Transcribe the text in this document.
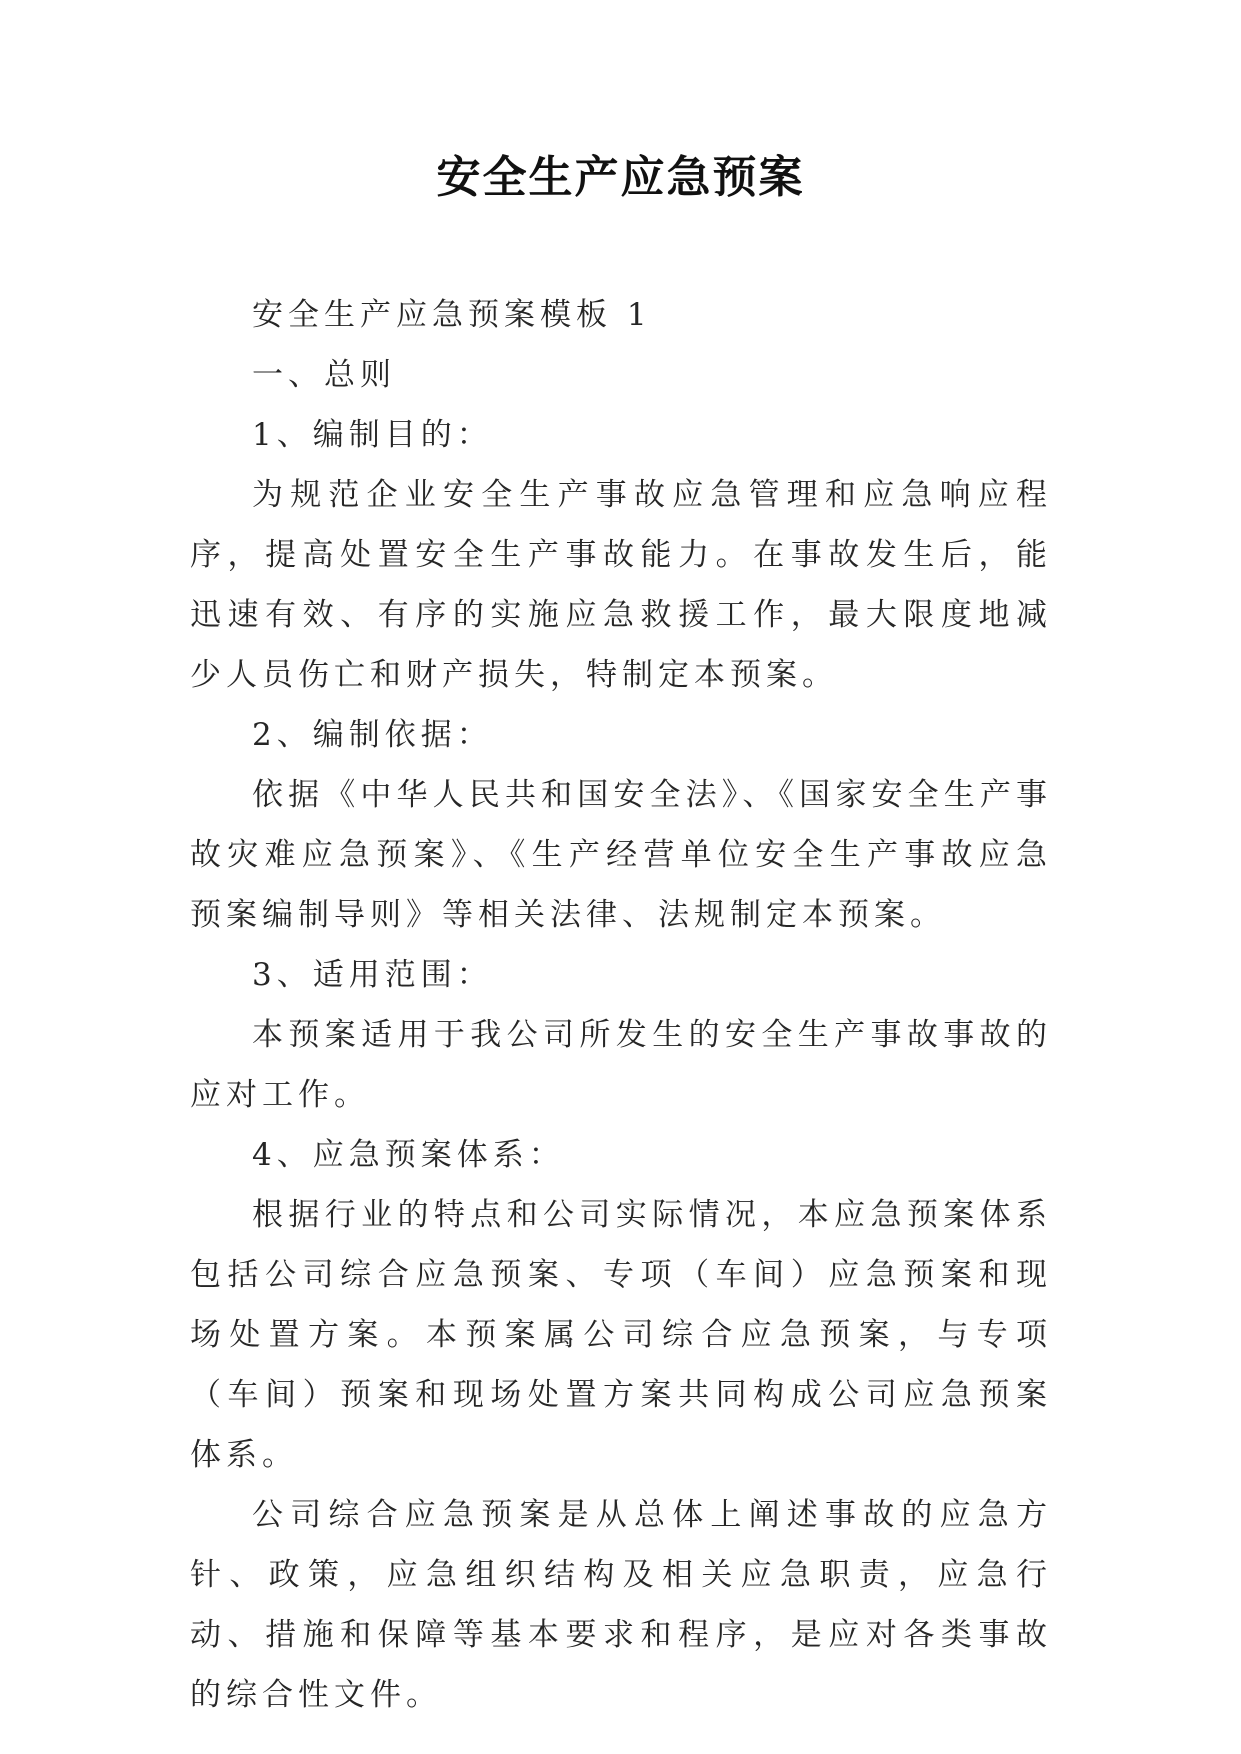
安全生产应急预案

安全生产应急预案模板 1

一、总则

1、编制目的：

为规范企业安全生产事故应急管理和应急响应程序，提高处置安全生产事故能力。在事故发生后，能迅速有效、有序的实施应急救援工作，最大限度地减少人员伤亡和财产损失，特制定本预案。

2、编制依据：

依据《中华人民共和国安全法》、《国家安全生产事故灾难应急预案》、《生产经营单位安全生产事故应急预案编制导则》等相关法律、法规制定本预案。

3、适用范围：

本预案适用于我公司所发生的安全生产事故事故的应对工作。

4、应急预案体系：

根据行业的特点和公司实际情况，本应急预案体系包括公司综合应急预案、专项（车间）应急预案和现场处置方案。本预案属公司综合应急预案，与专项（车间）预案和现场处置方案共同构成公司应急预案体系。

公司综合应急预案是从总体上阐述事故的应急方针、政策，应急组织结构及相关应急职责，应急行动、措施和保障等基本要求和程序，是应对各类事故的综合性文件。
